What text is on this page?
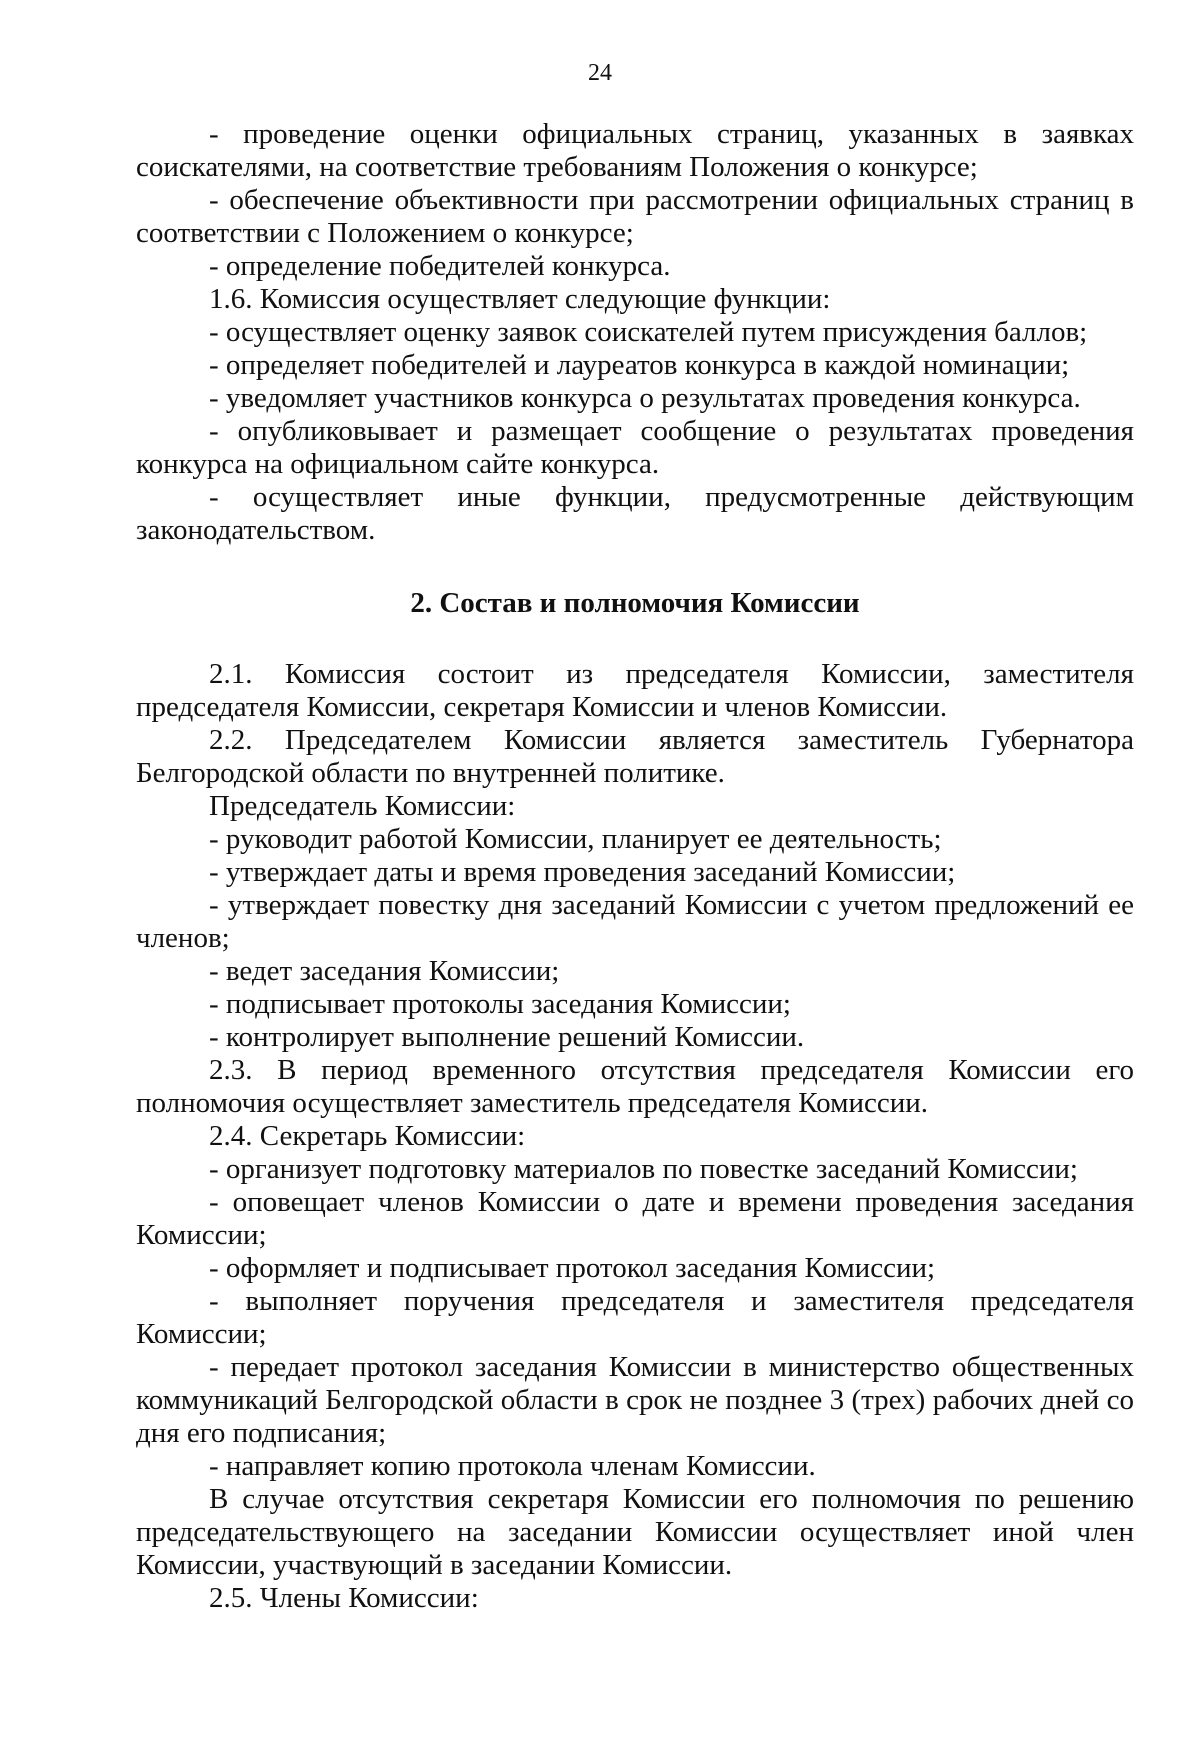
24

- проведение оценки официальных страниц, указанных в заявках соискателями, на соответствие требованиям Положения о конкурсе;

- обеспечение объективности при рассмотрении официальных страниц в соответствии с Положением о конкурсе;

- определение победителей конкурса.

1.6. Комиссия осуществляет следующие функции:

- осуществляет оценку заявок соискателей путем присуждения баллов;

- определяет победителей и лауреатов конкурса в каждой номинации;

- уведомляет участников конкурса о результатах проведения конкурса.

- опубликовывает и размещает сообщение о результатах проведения конкурса на официальном сайте конкурса.

- осуществляет иные функции, предусмотренные действующим законодательством.

2. Состав и полномочия Комиссии

2.1. Комиссия состоит из председателя Комиссии, заместителя председателя Комиссии, секретаря Комиссии и членов Комиссии.

2.2. Председателем Комиссии является заместитель Губернатора Белгородской области по внутренней политике.

Председатель Комиссии:

- руководит работой Комиссии, планирует ее деятельность;

- утверждает даты и время проведения заседаний Комиссии;

- утверждает повестку дня заседаний Комиссии с учетом предложений ее членов;

- ведет заседания Комиссии;

- подписывает протоколы заседания Комиссии;

- контролирует выполнение решений Комиссии.

2.3. В период временного отсутствия председателя Комиссии его полномочия осуществляет заместитель председателя Комиссии.

2.4. Секретарь Комиссии:

- организует подготовку материалов по повестке заседаний Комиссии;

- оповещает членов Комиссии о дате и времени проведения заседания Комиссии;

- оформляет и подписывает протокол заседания Комиссии;

- выполняет поручения председателя и заместителя председателя Комиссии;

- передает протокол заседания Комиссии в министерство общественных коммуникаций Белгородской области в срок не позднее 3 (трех) рабочих дней со дня его подписания;

- направляет копию протокола членам Комиссии.

В случае отсутствия секретаря Комиссии его полномочия по решению председательствующего на заседании Комиссии осуществляет иной член Комиссии, участвующий в заседании Комиссии.

2.5. Члены Комиссии:
